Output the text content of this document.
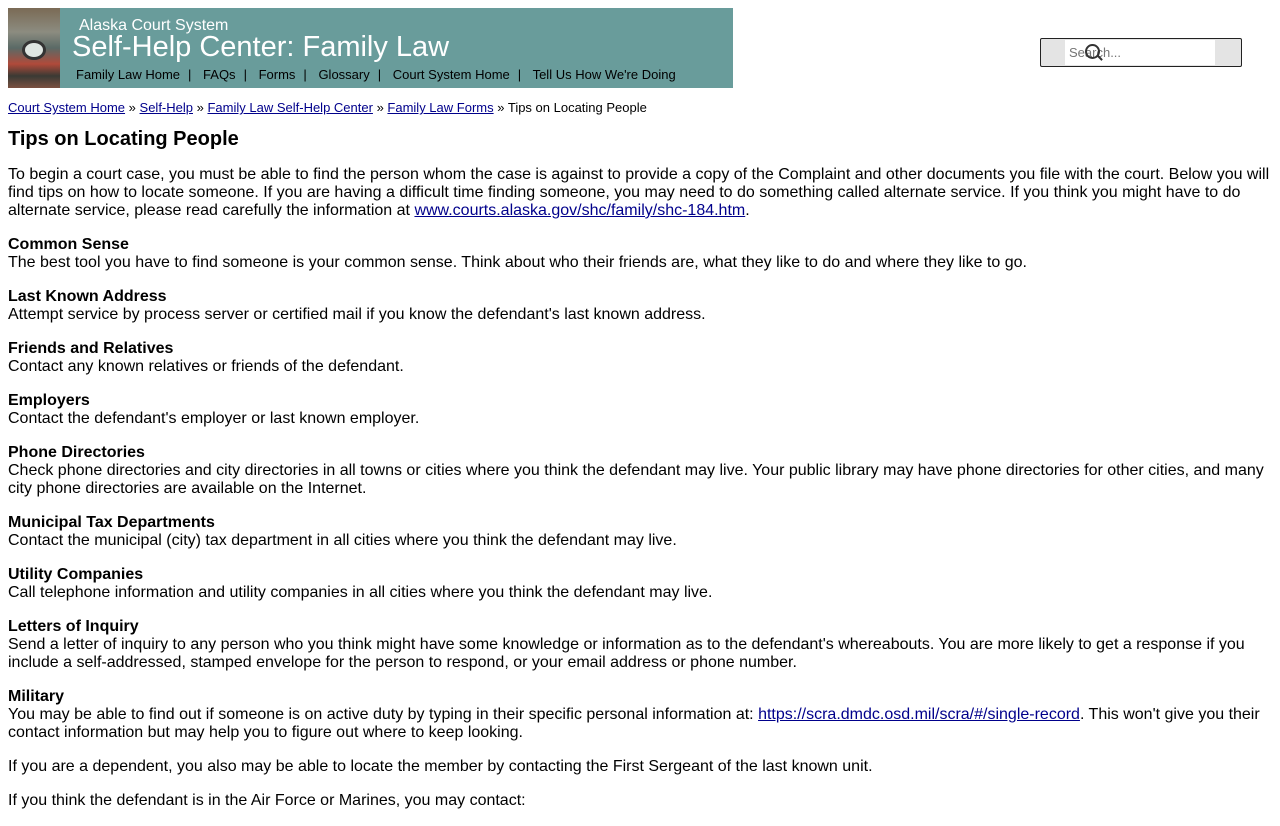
Alaska Court System
Self-Help Center: Family Law
Family Law Home | FAQs | Forms | Glossary | Court System Home | Tell Us How We're Doing
Search...
Court System Home » Self-Help » Family Law Self-Help Center » Family Law Forms » Tips on Locating People
Tips on Locating People

To begin a court case, you must be able to find the person whom the case is against to provide a copy of the Complaint and other documents you file with the court. Below you will find tips on how to locate someone. If you are having a difficult time finding someone, you may need to do something called alternate service. If you think you might have to do alternate service, please read carefully the information at www.courts.alaska.gov/shc/family/shc-184.htm.

Common Sense
The best tool you have to find someone is your common sense. Think about who their friends are, what they like to do and where they like to go.

Last Known Address
Attempt service by process server or certified mail if you know the defendant's last known address.

Friends and Relatives
Contact any known relatives or friends of the defendant.

Employers
Contact the defendant's employer or last known employer.

Phone Directories
Check phone directories and city directories in all towns or cities where you think the defendant may live. Your public library may have phone directories for other cities, and many city phone directories are available on the Internet.

Municipal Tax Departments
Contact the municipal (city) tax department in all cities where you think the defendant may live.

Utility Companies
Call telephone information and utility companies in all cities where you think the defendant may live.

Letters of Inquiry
Send a letter of inquiry to any person who you think might have some knowledge or information as to the defendant's whereabouts. You are more likely to get a response if you include a self-addressed, stamped envelope for the person to respond, or your email address or phone number.

Military
You may be able to find out if someone is on active duty by typing in their specific personal information at: https://scra.dmdc.osd.mil/scra/#/single-record. This won't give you their contact information but may help you to figure out where to keep looking.

If you are a dependent, you also may be able to locate the member by contacting the First Sergeant of the last known unit.

If you think the defendant is in the Air Force or Marines, you may contact:
